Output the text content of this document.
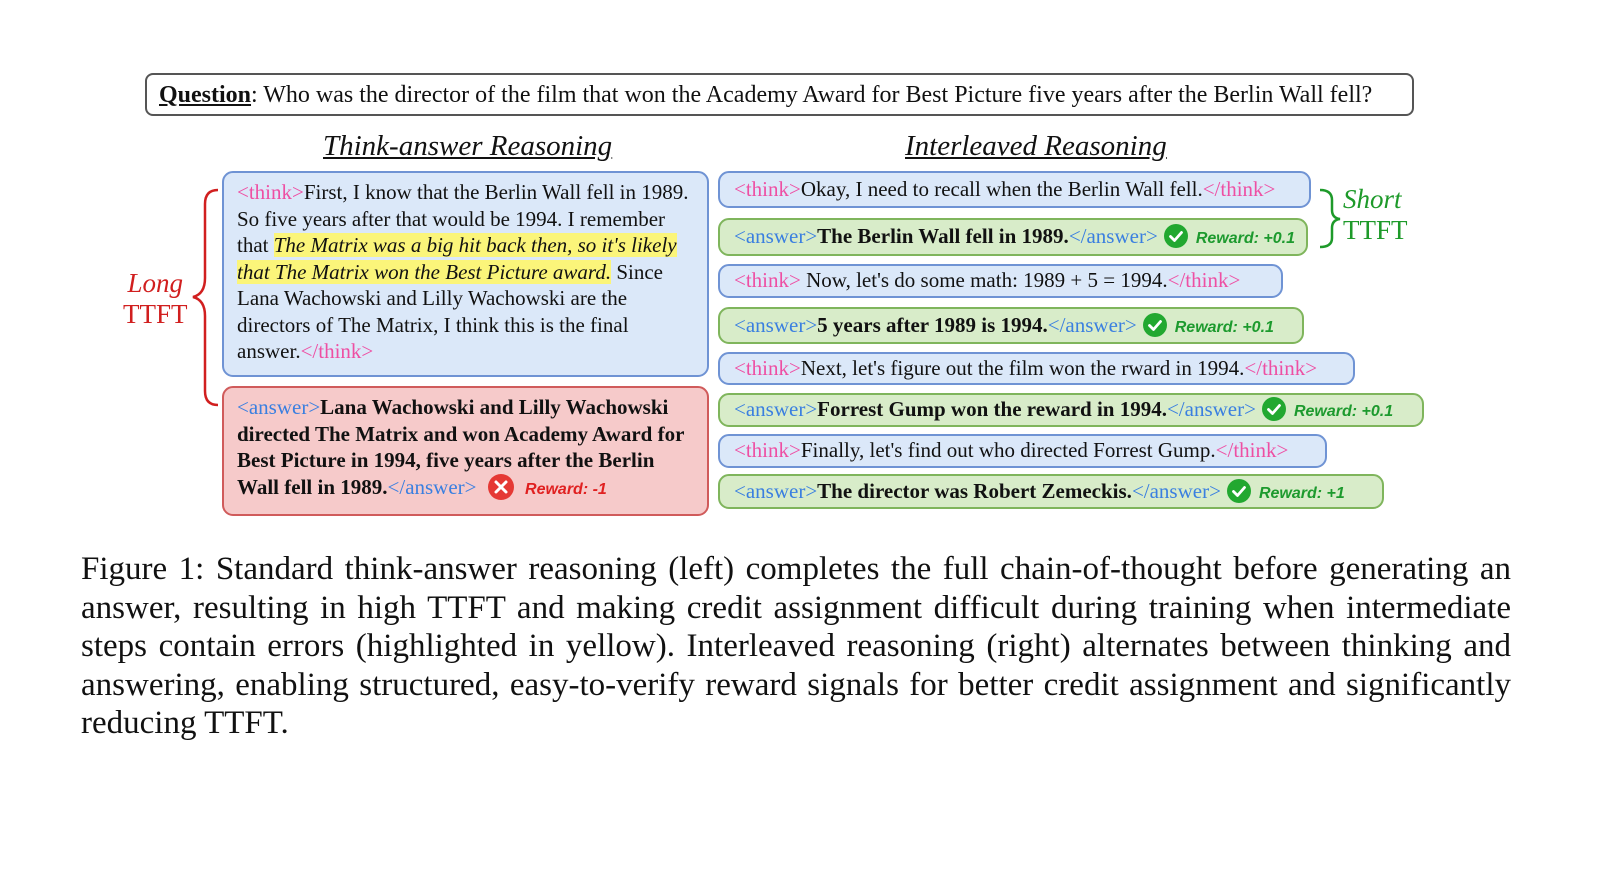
Question: Who was the director of the film that won the Academy Award for Best Picture five years after the Berlin Wall fell?
Think-answer Reasoning	Interleaved Reasoning
Long
TTFT
Short
TTFT
<think>First, I know that the Berlin Wall fell in 1989. So five years after that would be 1994. I remember that The Matrix was a big hit back then, so it's likely that The Matrix won the Best Picture award. Since Lana Wachowski and Lilly Wachowski are the directors of The Matrix, I think this is the final answer.</think>
<answer>Lana Wachowski and Lilly Wachowski directed The Matrix and won Academy Award for Best Picture in 1994, five years after the Berlin Wall fell in 1989.</answer>	Reward: -1
<think>Okay, I need to recall when the Berlin Wall fell.</think>
<answer>The Berlin Wall fell in 1989.</answer> Reward: +0.1
<think> Now, let's do some math: 1989 + 5 = 1994.</think>
<answer>5 years after 1989 is 1994.</answer> Reward: +0.1
<think>Next, let's figure out the film won the rward in 1994.</think>
<answer>Forrest Gump won the reward in 1994.</answer> Reward: +0.1
<think>Finally, let's find out who directed Forrest Gump.</think>
<answer>The director was Robert Zemeckis.</answer> Reward: +1
Figure 1: Standard think-answer reasoning (left) completes the full chain-of-thought before generating an answer, resulting in high TTFT and making credit assignment difficult during training when intermediate steps contain errors (highlighted in yellow). Interleaved reasoning (right) alternates between thinking and answering, enabling structured, easy-to-verify reward signals for better credit assignment and significantly reducing TTFT.
